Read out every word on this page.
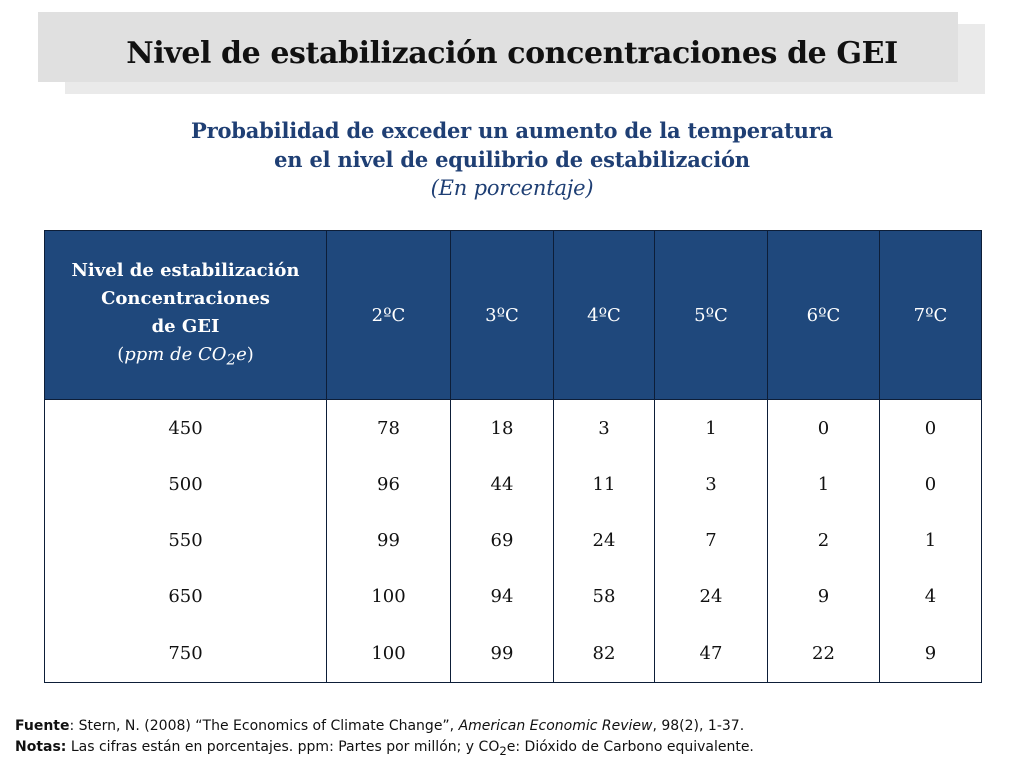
Nivel de estabilización concentraciones de GEI
Probabilidad de exceder un aumento de la temperatura
en el nivel de equilibrio de estabilización
(En porcentaje)
Nivel de estabilización
Concentraciones
de GEI
(ppm de $CO_2e$)	2ºC	3ºC	4ºC	5ºC	6ºC	7ºC
450	78	18	3	1	0	0
500	96	44	11	3	1	0
550	99	69	24	7	2	1
650	100	94	58	24	9	4
750	100	99	82	47	22	9
Fuente: Stern, N. (2008) “The Economics of Climate Change”, American Economic Review, 98(2), 1-37.
Notas: Las cifras están en porcentajes. ppm: Partes por millón; y $CO_2e$: Dióxido de Carbono equivalente.
